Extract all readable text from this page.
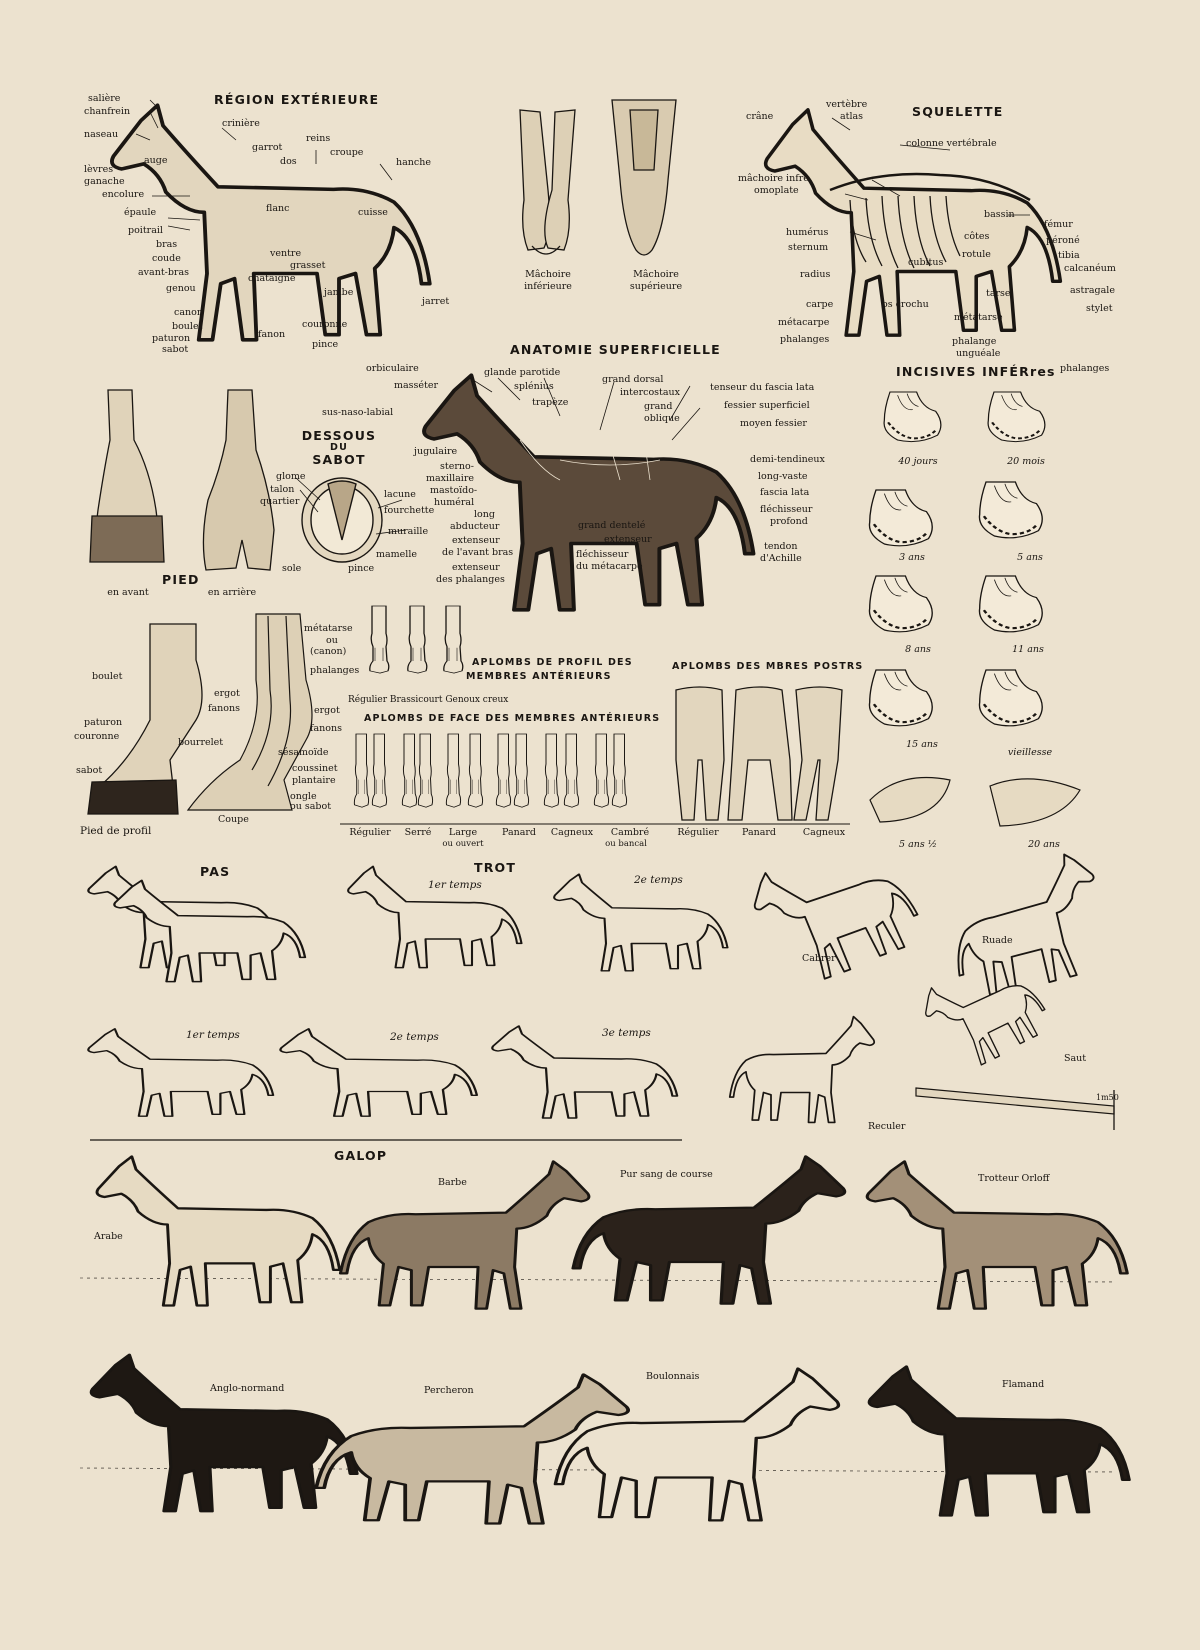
RÉGION EXTÉRIEURE
SQUELETTE
ANATOMIE SUPERFICIELLE
INCISIVES INFÉRres
DESSOUS
DU
SABOT
PIED
APLOMBS DE PROFIL DES
MEMBRES ANTÉRIEURS
APLOMBS DE FACE DES MEMBRES ANTÉRIEURS
APLOMBS DES MBRES POSTRS
PAS	TROT
GALOP
salière
chanfrein
naseau
lèvres
ganache
encolure
auge
épaule
poitrail
bras
coude
avant-bras
genou
canon
boulet
paturon
sabot
crinière
garrot
dos
reins
croupe
hanche
flanc	cuisse
ventre
grasset
châtaigne
jambe
jarret
couronne
fanon
pince
Mâchoire
inférieure
Mâchoire
supérieure
crâne
vertèbre
atlas
colonne vertébrale
mâchoire infre
omoplate
bassin
fémur
humérus
sternum
côtes	péroné
rotule	tibia
calcanéum
cubitus
radius
carpe	os crochu
tarse	astragale
stylet
métacarpe	métatarse
phalanges	phalange
unguéale
phalanges
orbiculaire
masséter
sus-naso-labial
glande parotide
splénius
trapèze
grand dorsal
intercostaux
grand
oblique
tenseur du fascia lata
fessier superficiel
moyen fessier
jugulaire
sterno-
maxillaire
mastoïdo-
huméral
long
abducteur
extenseur
de l'avant bras
extenseur
des phalanges
demi-tendineux
long-vaste
fascia lata
fléchisseur
profond
grand dentelé
extenseur
fléchisseur
du métacarpe
tendon
d'Achille
glome
talon
quartier
lacune
fourchette
muraille
mamelle
sole	pince
en avant	en arrière
boulet
paturon
couronne
sabot
ergot
fanons
bourrelet
Pied de profil
métatarse
ou
(canon)
phalanges
ergot
fanons
sésamoïde
coussinet
plantaire
ongle
ou sabot
Coupe
Régulier Brassicourt Genoux creux
Régulier Serré Large
ou ouvert
Panard Cagneux Cambré
ou bancal
Régulier Panard	Cagneux
40 jours	20 mois
3 ans	5 ans
8 ans	11 ans
15 ans
vieillesse
5 ans ½	20 ans
1er temps	2e temps
Cabrer
Ruade
1er temps	2e temps	3e temps
Reculer
Saut
1m50
Arabe
Barbe
Pur sang de course	Trotteur Orloff
Anglo-normand	Percheron
Boulonnais
Flamand
